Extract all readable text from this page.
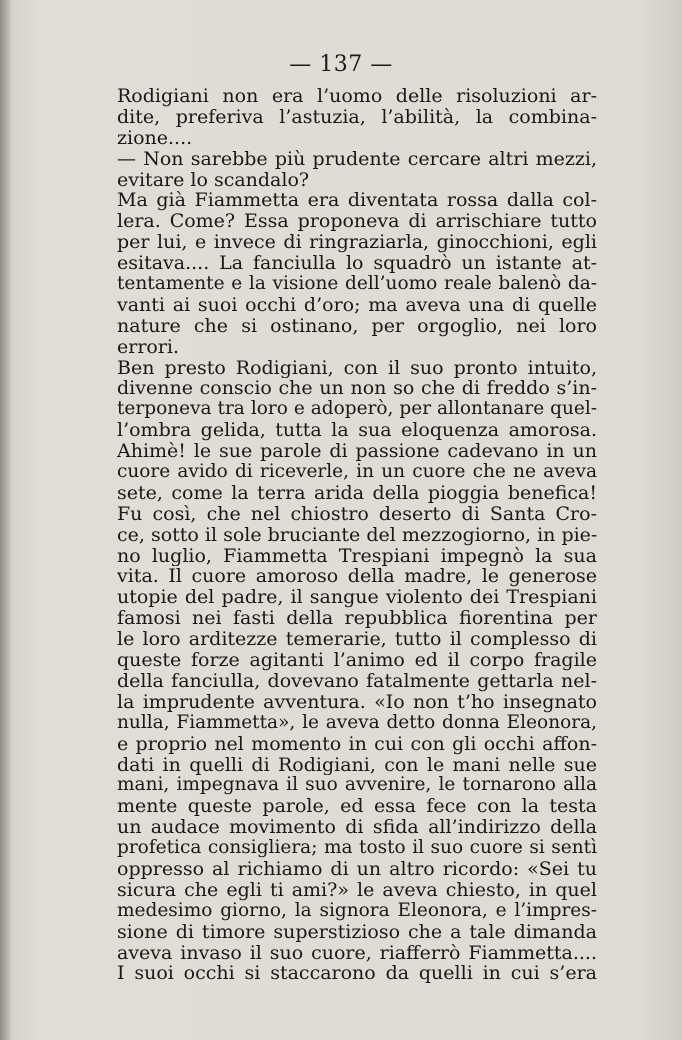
— 137 —
Rodigiani non era l’uomo delle risoluzioni ar-
dite, preferiva l’astuzia, l’abilità, la combina-
zione....
— Non sarebbe più prudente cercare altri mezzi,
evitare lo scandalo?
Ma già Fiammetta era diventata rossa dalla col-
lera. Come? Essa proponeva di arrischiare tutto
per lui, e invece di ringraziarla, ginocchioni, egli
esitava.... La fanciulla lo squadrò un istante at-
tentamente e la visione dell’uomo reale balenò da-
vanti ai suoi occhi d’oro; ma aveva una di quelle
nature che si ostinano, per orgoglio, nei loro
errori.
Ben presto Rodigiani, con il suo pronto intuito,
divenne conscio che un non so che di freddo s’in-
terponeva tra loro e adoperò, per allontanare quel-
l’ombra gelida, tutta la sua eloquenza amorosa.
Ahimè! le sue parole di passione cadevano in un
cuore avido di riceverle, in un cuore che ne aveva
sete, come la terra arida della pioggia benefica!
Fu così, che nel chiostro deserto di Santa Cro-
ce, sotto il sole bruciante del mezzogiorno, in pie-
no luglio, Fiammetta Trespiani impegnò la sua
vita. Il cuore amoroso della madre, le generose
utopie del padre, il sangue violento dei Trespiani
famosi nei fasti della repubblica fiorentina per
le loro arditezze temerarie, tutto il complesso di
queste forze agitanti l’animo ed il corpo fragile
della fanciulla, dovevano fatalmente gettarla nel-
la imprudente avventura. «Io non t’ho insegnato
nulla, Fiammetta», le aveva detto donna Eleonora,
e proprio nel momento in cui con gli occhi affon-
dati in quelli di Rodigiani, con le mani nelle sue
mani, impegnava il suo avvenire, le tornarono alla
mente queste parole, ed essa fece con la testa
un audace movimento di sfida all’indirizzo della
profetica consigliera; ma tosto il suo cuore si sentì
oppresso al richiamo di un altro ricordo: «Sei tu
sicura che egli ti ami?» le aveva chiesto, in quel
medesimo giorno, la signora Eleonora, e l’impres-
sione di timore superstizioso che a tale dimanda
aveva invaso il suo cuore, riafferrò Fiammetta....
I suoi occhi si staccarono da quelli in cui s’era
